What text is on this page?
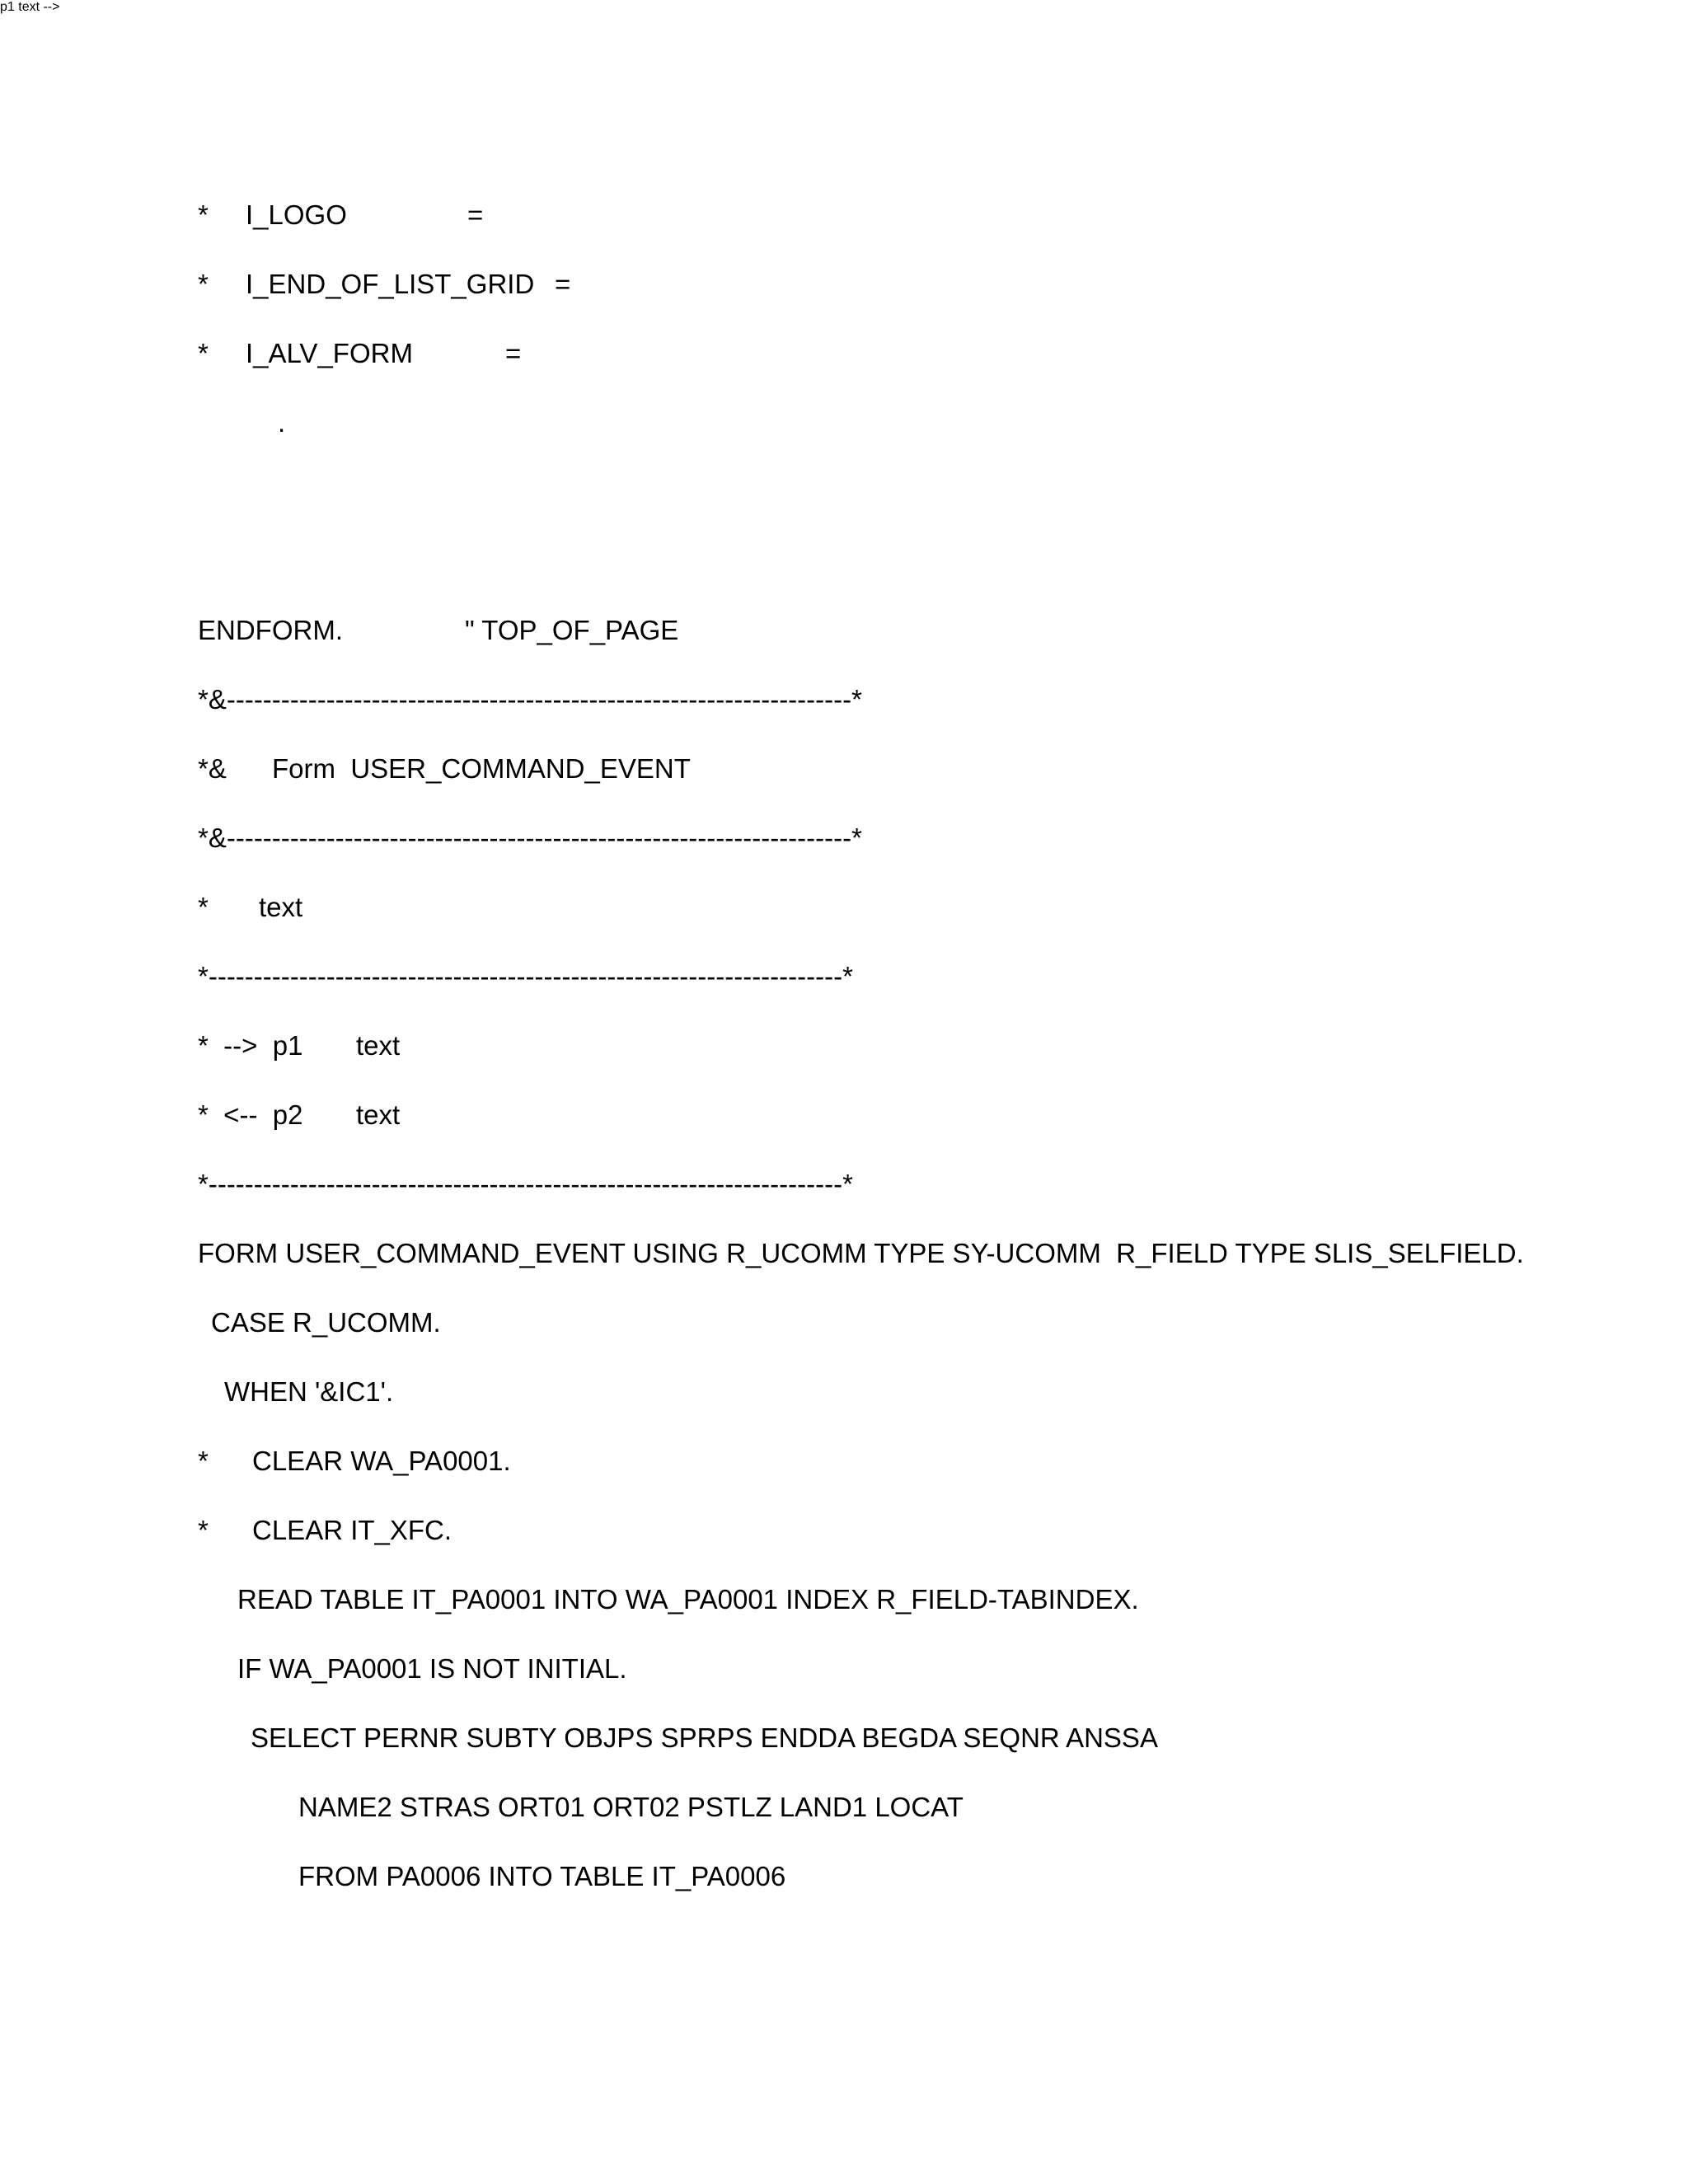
*

I_LOGO

	=

*

I_END_OF_LIST_GRID

=

*

I_ALV_FORM

	=

.

ENDFORM.

	" TOP_OF_PAGE

*&---------------------------------------------------------------------*

*&

Form  USER_COMMAND_EVENT

*&---------------------------------------------------------------------*

*

text

*----------------------------------------------------------------------*
p1 text -->

*  -->  p1

text

*  <--  p2

text

*----------------------------------------------------------------------*
FORM USER_COMMAND_EVENT USING R_UCOMM TYPE SY-UCOMM  R_FIELD TYPE SLIS_SELFIELD.
CASE R_UCOMM.
WHEN '&IC1'.

*

CLEAR WA_PA0001.

*

CLEAR IT_XFC.

READ TABLE IT_PA0001 INTO WA_PA0001 INDEX R_FIELD-TABINDEX.
IF WA_PA0001 IS NOT INITIAL.
SELECT PERNR SUBTY OBJPS SPRPS ENDDA BEGDA SEQNR ANSSA
NAME2 STRAS ORT01 ORT02 PSTLZ LAND1 LOCAT
FROM PA0006 INTO TABLE IT_PA0006
